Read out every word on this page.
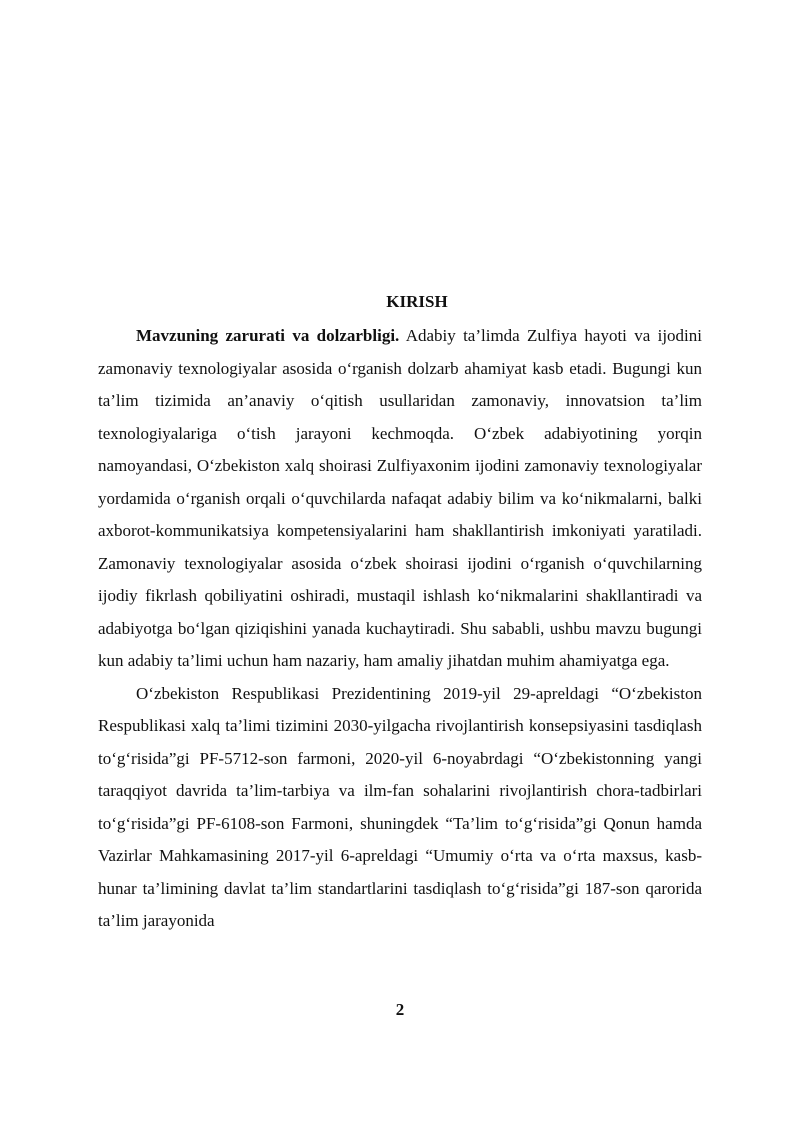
KIRISH

Mavzuning zarurati va dolzarbligi. Adabiy ta’limda Zulfiya hayoti va ijodini zamonaviy texnologiyalar asosida o‘rganish dolzarb ahamiyat kasb etadi. Bugungi kun ta’lim tizimida an’anaviy o‘qitish usullaridan zamonaviy, innovatsion ta’lim texnologiyalariga o‘tish jarayoni kechmoqda. O‘zbek adabiyotining yorqin namoyandasi, O‘zbekiston xalq shoirasi Zulfiyaxonim ijodini zamonaviy texnologiyalar yordamida o‘rganish orqali o‘quvchilarda nafaqat adabiy bilim va ko‘nikmalarni, balki axborot-kommunikatsiya kompetensiyalarini ham shakllantirish imkoniyati yaratiladi. Zamonaviy texnologiyalar asosida o‘zbek shoirasi ijodini o‘rganish o‘quvchilarning ijodiy fikrlash qobiliyatini oshiradi, mustaqil ishlash ko‘nikmalarini shakllantiradi va adabiyotga bo‘lgan qiziqishini yanada kuchaytiradi. Shu sababli, ushbu mavzu bugungi kun adabiy ta’limi uchun ham nazariy, ham amaliy jihatdan muhim ahamiyatga ega.

O‘zbekiston Respublikasi Prezidentining 2019-yil 29-apreldagi “O‘zbekiston Respublikasi xalq ta’limi tizimini 2030-yilgacha rivojlantirish konsepsiyasini tasdiqlash to‘g‘risida”gi PF-5712-son farmoni, 2020-yil 6-noyabrdagi “O‘zbekistonning yangi taraqqiyot davrida ta’lim-tarbiya va ilm-fan sohalarini rivojlantirish chora-tadbirlari to‘g‘risida”gi PF-6108-son Farmoni, shuningdek “Ta’lim to‘g‘risida”gi Qonun hamda Vazirlar Mahkamasining 2017-yil 6-apreldagi “Umumiy o‘rta va o‘rta maxsus, kasb-hunar ta’limining davlat ta’lim standartlarini tasdiqlash to‘g‘risida”gi 187-son qarorida ta’lim jarayonida

2
